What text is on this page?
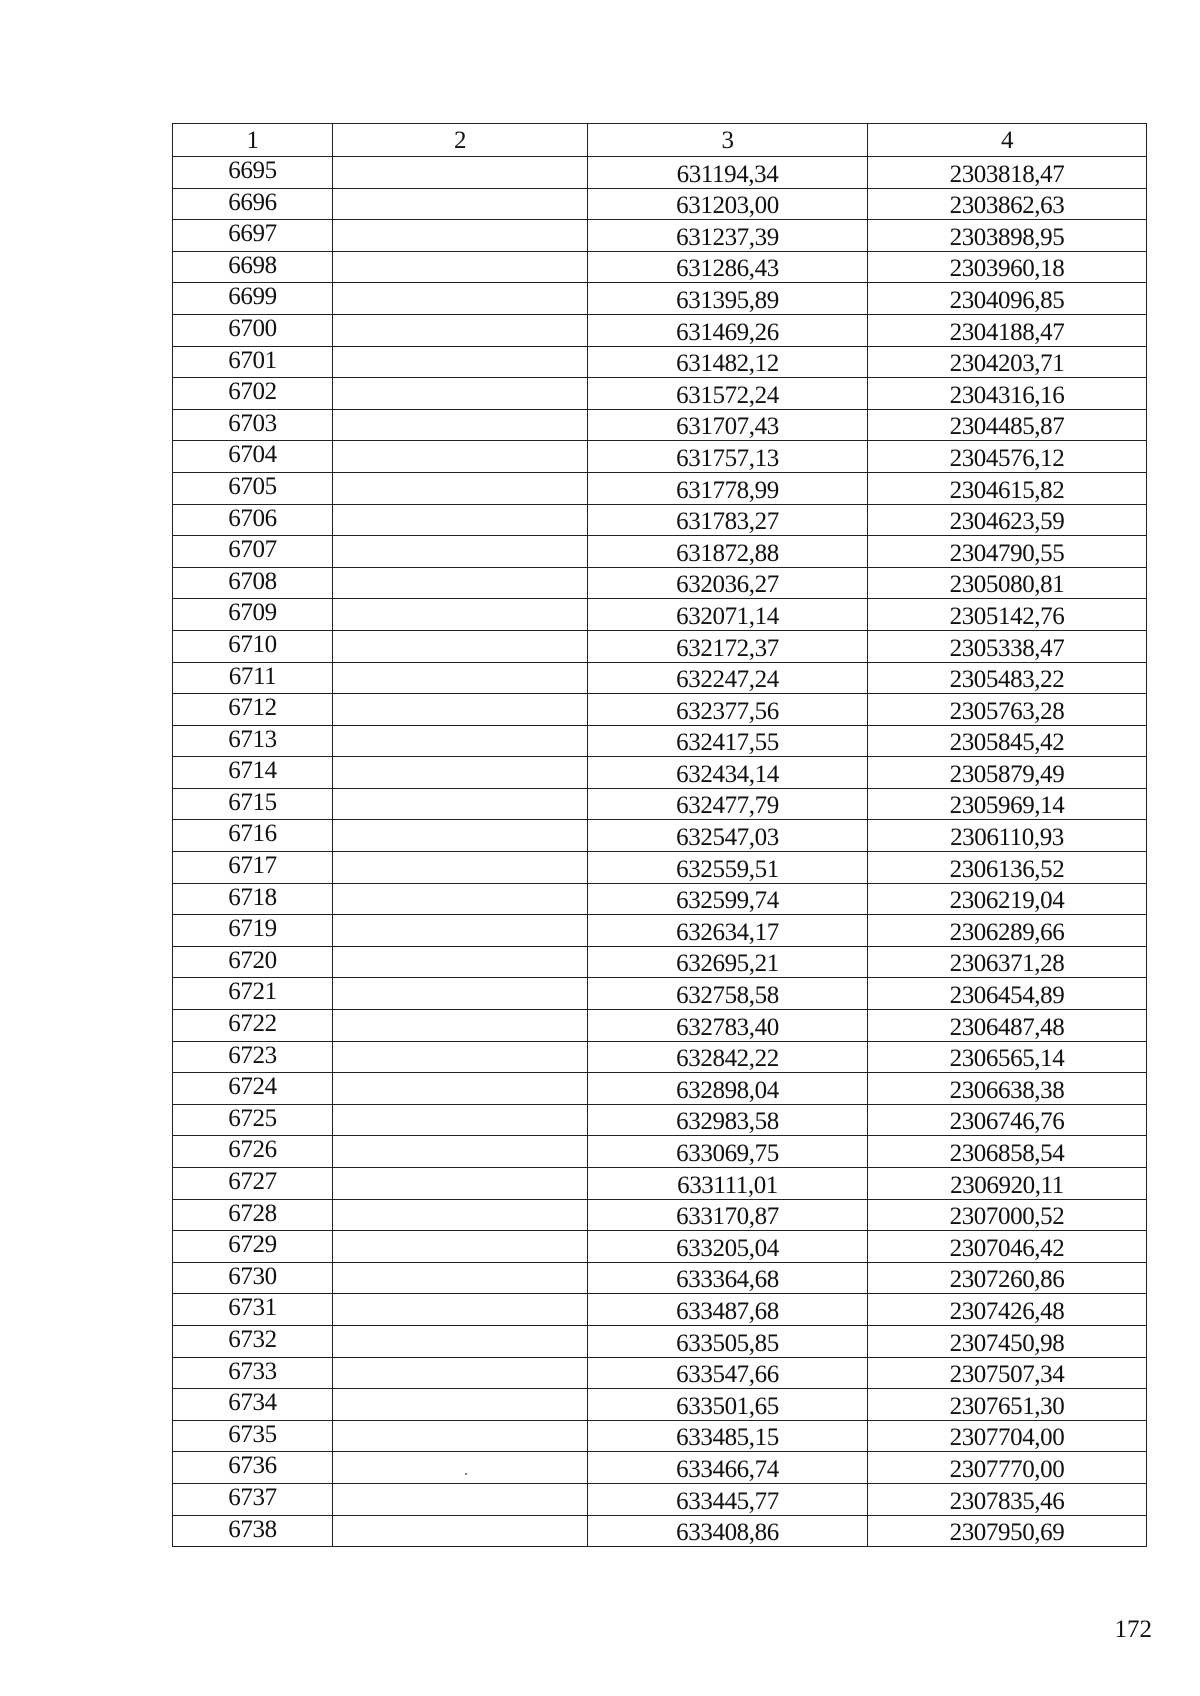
1	2	3	4
6695		631194,34	2303818,47
6696		631203,00	2303862,63
6697		631237,39	2303898,95
6698		631286,43	2303960,18
6699		631395,89	2304096,85
6700		631469,26	2304188,47
6701		631482,12	2304203,71
6702		631572,24	2304316,16
6703		631707,43	2304485,87
6704		631757,13	2304576,12
6705		631778,99	2304615,82
6706		631783,27	2304623,59
6707		631872,88	2304790,55
6708		632036,27	2305080,81
6709		632071,14	2305142,76
6710		632172,37	2305338,47
6711		632247,24	2305483,22
6712		632377,56	2305763,28
6713		632417,55	2305845,42
6714		632434,14	2305879,49
6715		632477,79	2305969,14
6716		632547,03	2306110,93
6717		632559,51	2306136,52
6718		632599,74	2306219,04
6719		632634,17	2306289,66
6720		632695,21	2306371,28
6721		632758,58	2306454,89
6722		632783,40	2306487,48
6723		632842,22	2306565,14
6724		632898,04	2306638,38
6725		632983,58	2306746,76
6726		633069,75	2306858,54
6727		633111,01	2306920,11
6728		633170,87	2307000,52
6729		633205,04	2307046,42
6730		633364,68	2307260,86
6731		633487,68	2307426,48
6732		633505,85	2307450,98
6733		633547,66	2307507,34
6734		633501,65	2307651,30
6735		633485,15	2307704,00
6736		633466,74	2307770,00
6737		633445,77	2307835,46
6738		633408,86	2307950,69
172
